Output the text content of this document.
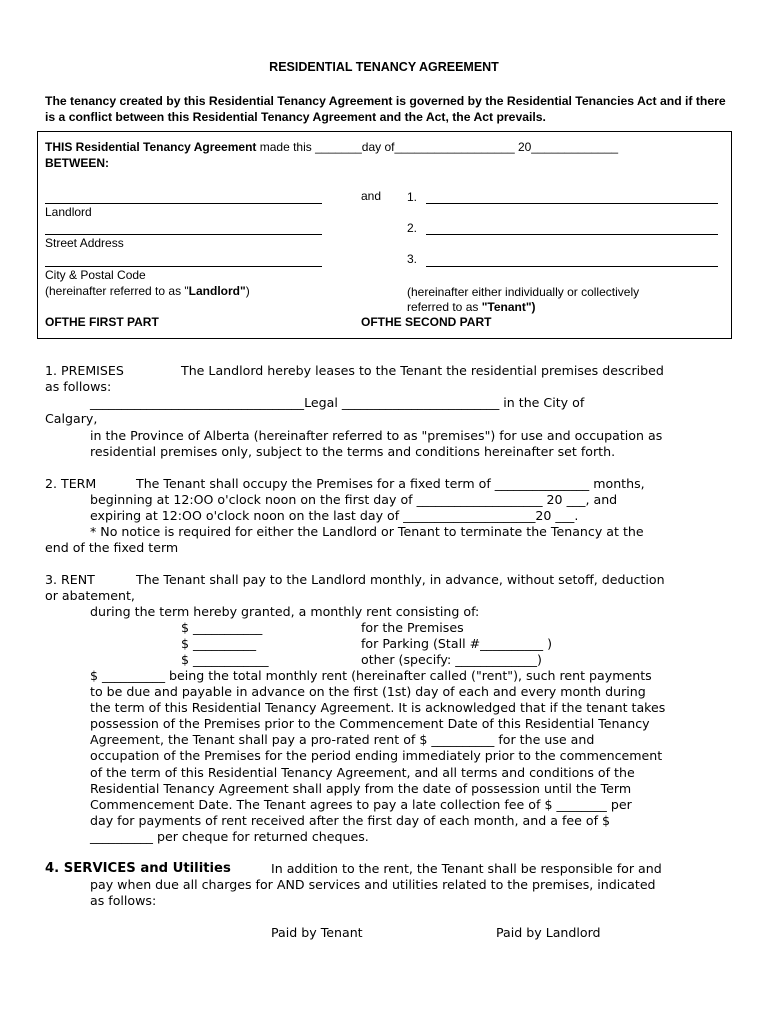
RESIDENTIAL TENANCY AGREEMENT
The tenancy created by this Residential Tenancy Agreement is governed by the Residential Tenancies Act and if there is a conflict between this Residential Tenancy Agreement and the Act, the Act prevails.
THIS Residential Tenancy Agreement made this _______day of__________________ 20_____________
BETWEEN:
Landlord
Street Address
City & Postal Code
(hereinafter referred to as "Landlord")
OFTHE FIRST PART
and 1.
2.
3.
(hereinafter either individually or collectively
referred to as "Tenant")
OFTHE SECOND PART
1. PREMISES	The Landlord hereby leases to the Tenant the residential premises described
as follows:
__________________________________Legal _________________________ in the City of
Calgary,
in the Province of Alberta (hereinafter referred to as "premises") for use and occupation as
residential premises only, subject to the terms and conditions hereinafter set forth.
2. TERM	The Tenant shall occupy the Premises for a fixed term of _______________ months,
beginning at 12:OO o'clock noon on the first day of ____________________ 20 ___, and
expiring at 12:OO o'clock noon on the last day of _____________________20 ___.
* No notice is required for either the Landlord or Tenant to terminate the Tenancy at the
end of the fixed term
3. RENT	The Tenant shall pay to the Landlord monthly, in advance, without setoff, deduction
or abatement,
during the term hereby granted, a monthly rent consisting of:
$ ___________	for the Premises
$ __________	for Parking (Stall #__________ )
$ ____________	other (specify: _____________)
$ __________ being the total monthly rent (hereinafter called ("rent"), such rent payments
to be due and payable in advance on the first (1st) day of each and every month during
the term of this Residential Tenancy Agreement. It is acknowledged that if the tenant takes
possession of the Premises prior to the Commencement Date of this Residential Tenancy
Agreement, the Tenant shall pay a pro-rated rent of $ __________ for the use and
occupation of the Premises for the period ending immediately prior to the commencement
of the term of this Residential Tenancy Agreement, and all terms and conditions of the
Residential Tenancy Agreement shall apply from the date of possession until the Term
Commencement Date. The Tenant agrees to pay a late collection fee of $ ________ per
day for payments of rent received after the first day of each month, and a fee of $
__________ per cheque for returned cheques.
4. SERVICES and Utilities	In addition to the rent, the Tenant shall be responsible for and
pay when due all charges for AND services and utilities related to the premises, indicated
as follows:
Paid by Tenant	Paid by Landlord
